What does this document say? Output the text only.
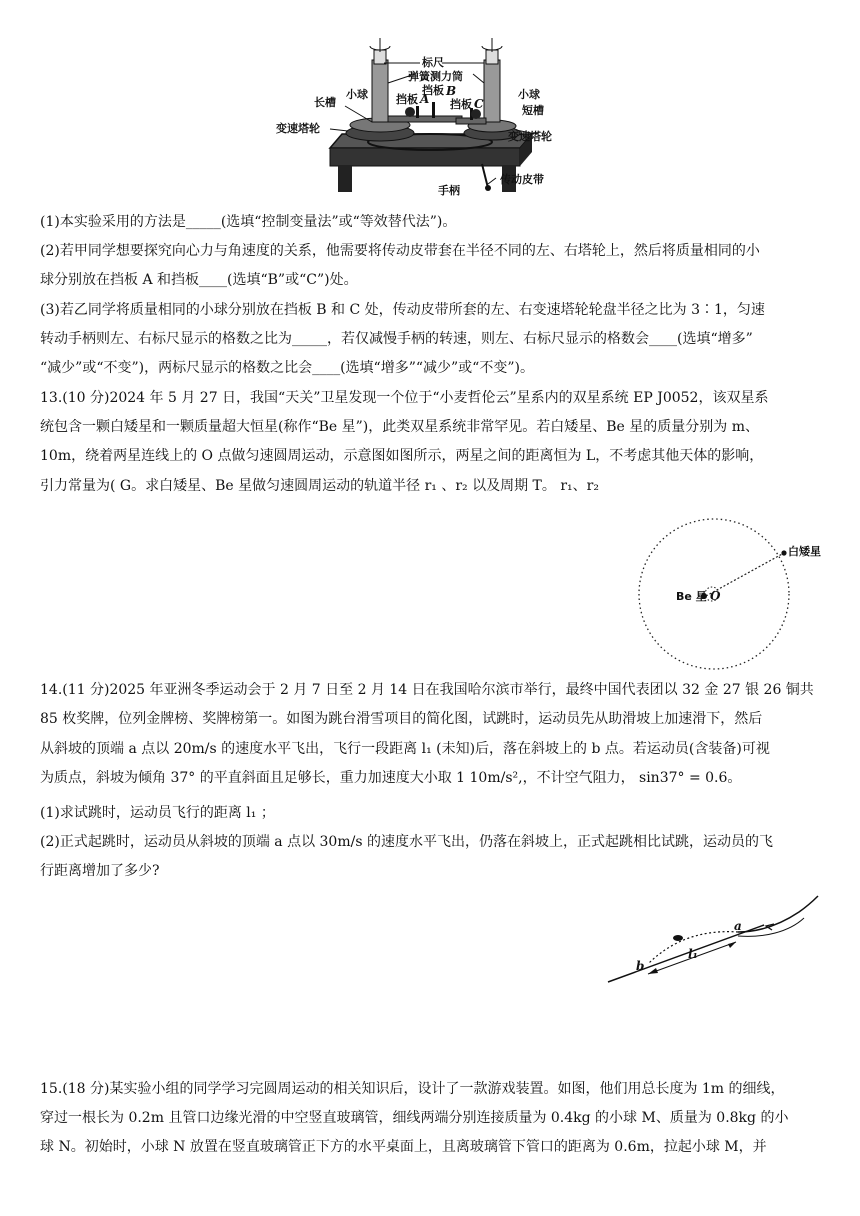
标尺
弹簧测力筒
挡板 B
长槽
小球	挡板 A 挡板 C
小球
短槽
变速塔轮
变速塔轮
手柄
传动皮带
(1)本实验采用的方法是_____(选填“控制变量法”或“等效替代法”)。
(2)若甲同学想要探究向心力与角速度的关系，他需要将传动皮带套在半径不同的左、右塔轮上，然后将质量相同的小
球分别放在挡板 A 和挡板____(选填“B”或“C”)处。
(3)若乙同学将质量相同的小球分别放在挡板 B 和 C 处，传动皮带所套的左、右变速塔轮轮盘半径之比为 3∶1，匀速
转动手柄则左、右标尺显示的格数之比为_____，若仅减慢手柄的转速，则左、右标尺显示的格数会____(选填“增多”
“减少”或“不变”)，两标尺显示的格数之比会____(选填“增多”“减少”或“不变”)。
13.(10 分)2024 年 5 月 27 日，我国“天关”卫星发现一个位于“小麦哲伦云”星系内的双星系统 EP J0052，该双星系
统包含一颗白矮星和一颗质量超大恒星(称作“Be 星”)，此类双星系统非常罕见。若白矮星、Be 星的质量分别为 m、
10m，绕着两星连线上的 O 点做匀速圆周运动，示意图如图所示，两星之间的距离恒为 L，不考虑其他天体的影响，
引力常量为( G。求白矮星、Be 星做匀速圆周运动的轨道半径 r₁ 、r₂ 以及周期 T。 r₁、r₂
白矮星
Be 星 O
14.(11 分)2025 年亚洲冬季运动会于 2 月 7 日至 2 月 14 日在我国哈尔滨市举行，最终中国代表团以 32 金 27 银 26 铜共
85 枚奖牌，位列金牌榜、奖牌榜第一。如图为跳台滑雪项目的简化图，试跳时，运动员先从助滑坡上加速滑下，然后
从斜坡的顶端 a 点以 20m/s 的速度水平飞出，飞行一段距离 l₁ (未知)后，落在斜坡上的 b 点。若运动员(含装备)可视
为质点，斜坡为倾角 37° 的平直斜面且足够长，重力加速度大小取 1 10m/s²,，不计空气阻力， sin37° = 0.6。
(1)求试跳时，运动员飞行的距离 l₁ ；
(2)正式起跳时，运动员从斜坡的顶端 a 点以 30m/s 的速度水平飞出，仍落在斜坡上，正式起跳相比试跳，运动员的飞
行距离增加了多少?
a
b
l₁
15.(18 分)某实验小组的同学学习完圆周运动的相关知识后，设计了一款游戏装置。如图，他们用总长度为 1m 的细线，
穿过一根长为 0.2m 且管口边缘光滑的中空竖直玻璃管，细线两端分别连接质量为 0.4kg 的小球 M、质量为 0.8kg 的小
球 N。初始时，小球 N 放置在竖直玻璃管正下方的水平桌面上，且离玻璃管下管口的距离为 0.6m，拉起小球 M，并
